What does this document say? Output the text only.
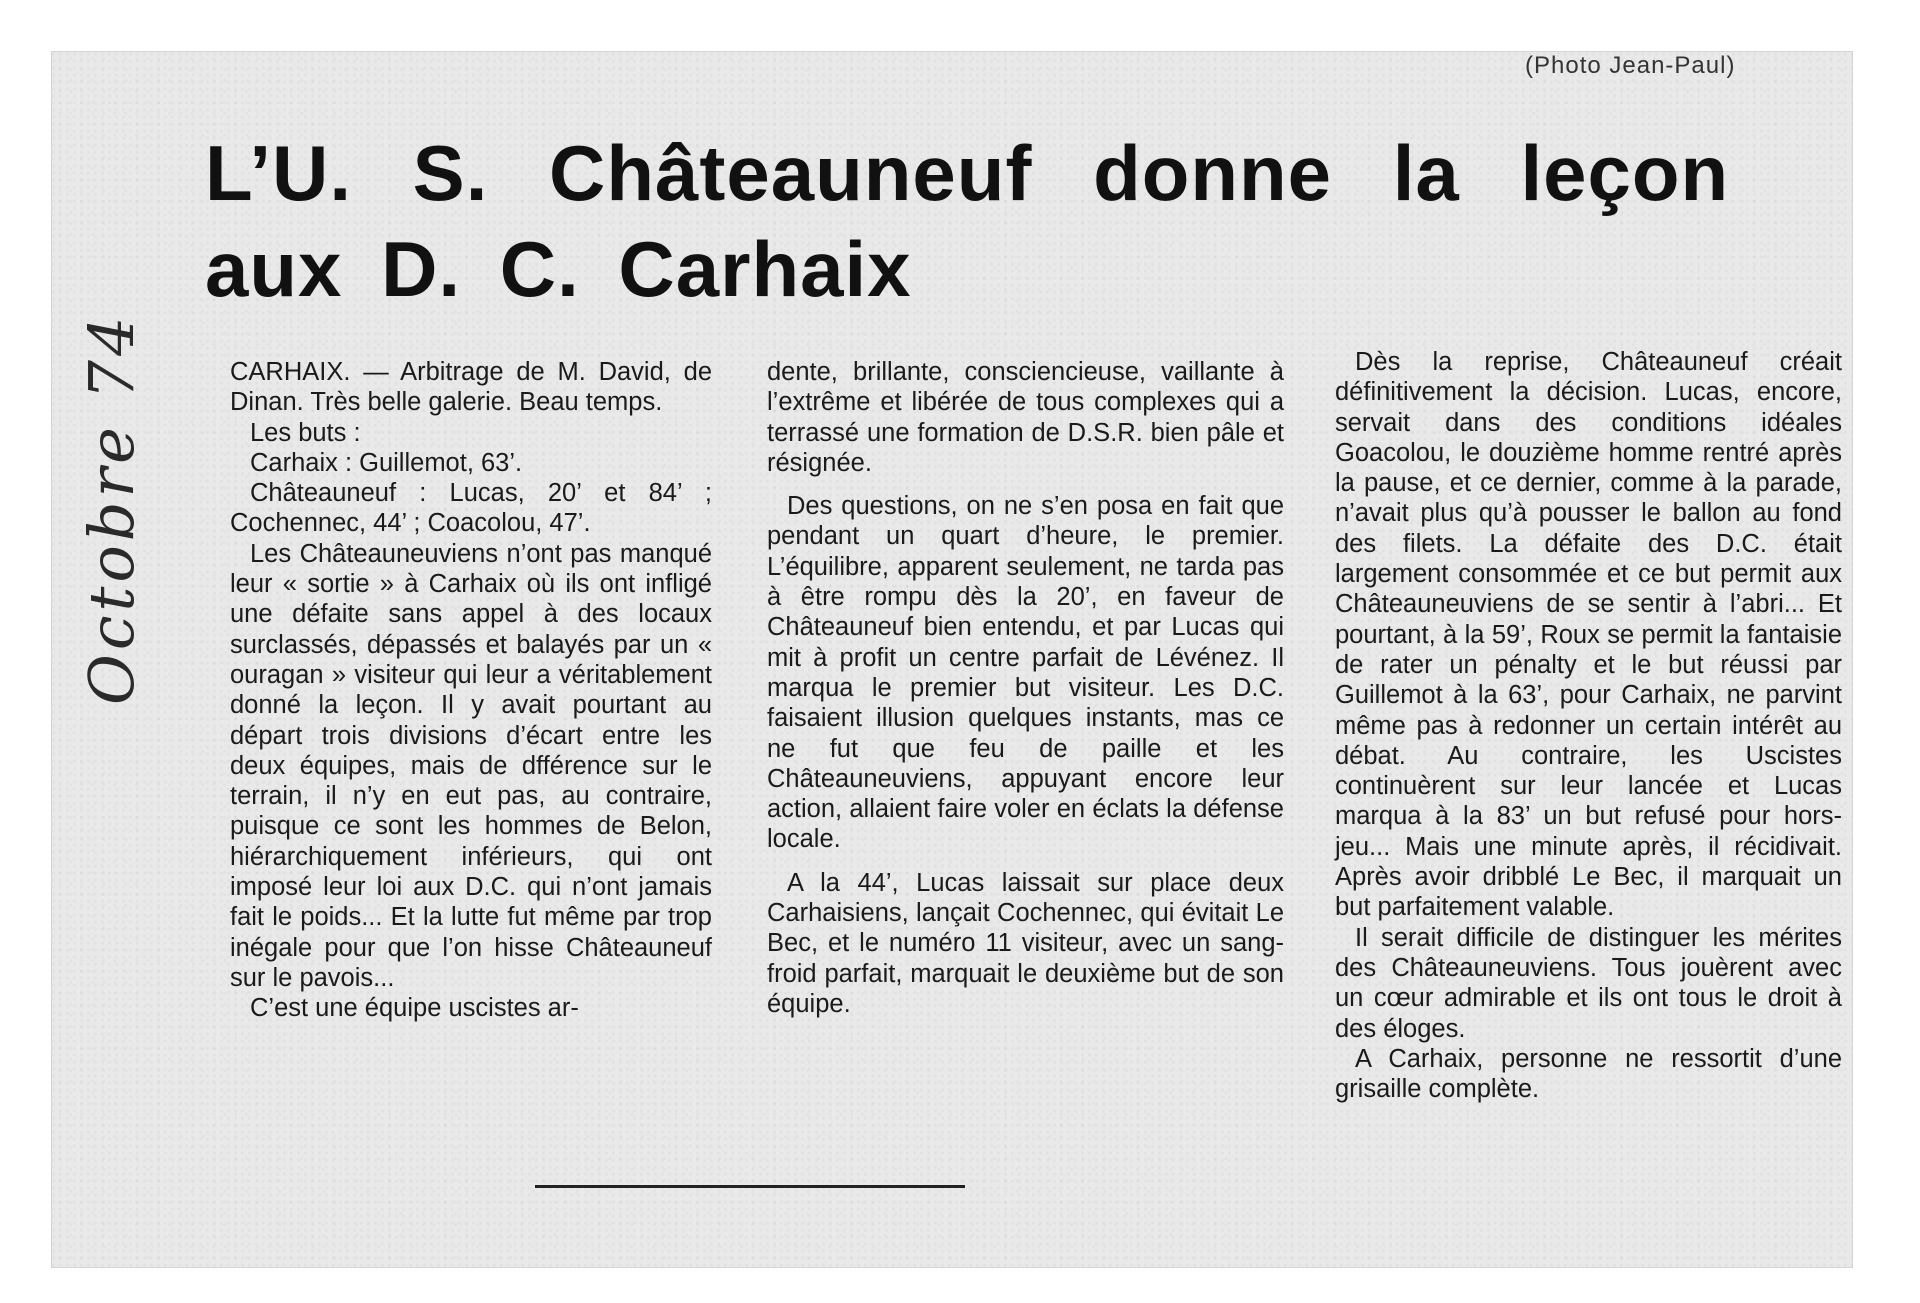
(Photo Jean-Paul)
Octobre 74
L’U. S. Châteauneuf donne la leçon
aux D. C. Carhaix

CARHAIX. — Arbitrage de M. David, de Dinan. Très belle galerie. Beau temps.

Les buts :

Carhaix : Guillemot, 63’.

Châteauneuf : Lucas, 20’ et 84’ ; Cochennec, 44’ ; Coacolou, 47’.

Les Châteauneuviens n’ont pas manqué leur « sortie » à Carhaix où ils ont infligé une défaite sans appel à des locaux surclassés, dépassés et balayés par un « ouragan » visiteur qui leur a véritablement donné la leçon. Il y avait pourtant au départ trois divisions d’écart entre les deux équipes, mais de dfférence sur le terrain, il n’y en eut pas, au contraire, puisque ce sont les hommes de Belon, hiérarchiquement inférieurs, qui ont imposé leur loi aux D.C. qui n’ont jamais fait le poids... Et la lutte fut même par trop inégale pour que l’on hisse Châteauneuf sur le pavois...

C’est une équipe uscistes ar-

dente, brillante, consciencieuse, vaillante à l’extrême et libérée de tous complexes qui a terrassé une formation de D.S.R. bien pâle et résignée.

Des questions, on ne s’en posa en fait que pendant un quart d’heure, le premier. L’équilibre, apparent seulement, ne tarda pas à être rompu dès la 20’, en faveur de Châteauneuf bien entendu, et par Lucas qui mit à profit un centre parfait de Lévénez. Il marqua le premier but visiteur. Les D.C. faisaient illusion quelques instants, mas ce ne fut que feu de paille et les Châteauneuviens, appuyant encore leur action, allaient faire voler en éclats la défense locale.

A la 44’, Lucas laissait sur place deux Carhaisiens, lançait Cochennec, qui évitait Le Bec, et le numéro 11 visiteur, avec un sang-froid parfait, marquait le deuxième but de son équipe.

Dès la reprise, Châteauneuf créait définitivement la décision. Lucas, encore, servait dans des conditions idéales Goacolou, le douzième homme rentré après la pause, et ce dernier, comme à la parade, n’avait plus qu’à pousser le ballon au fond des filets. La défaite des D.C. était largement consommée et ce but permit aux Châteauneuviens de se sentir à l’abri... Et pourtant, à la 59’, Roux se permit la fantaisie de rater un pénalty et le but réussi par Guillemot à la 63’, pour Carhaix, ne parvint même pas à redonner un certain intérêt au débat. Au contraire, les Uscistes continuèrent sur leur lancée et Lucas marqua à la 83’ un but refusé pour hors-jeu... Mais une minute après, il récidivait. Après avoir dribblé Le Bec, il marquait un but parfaitement valable.

Il serait difficile de distinguer les mérites des Châteauneuviens. Tous jouèrent avec un cœur admirable et ils ont tous le droit à des éloges.

A Carhaix, personne ne ressortit d’une grisaille complète.
